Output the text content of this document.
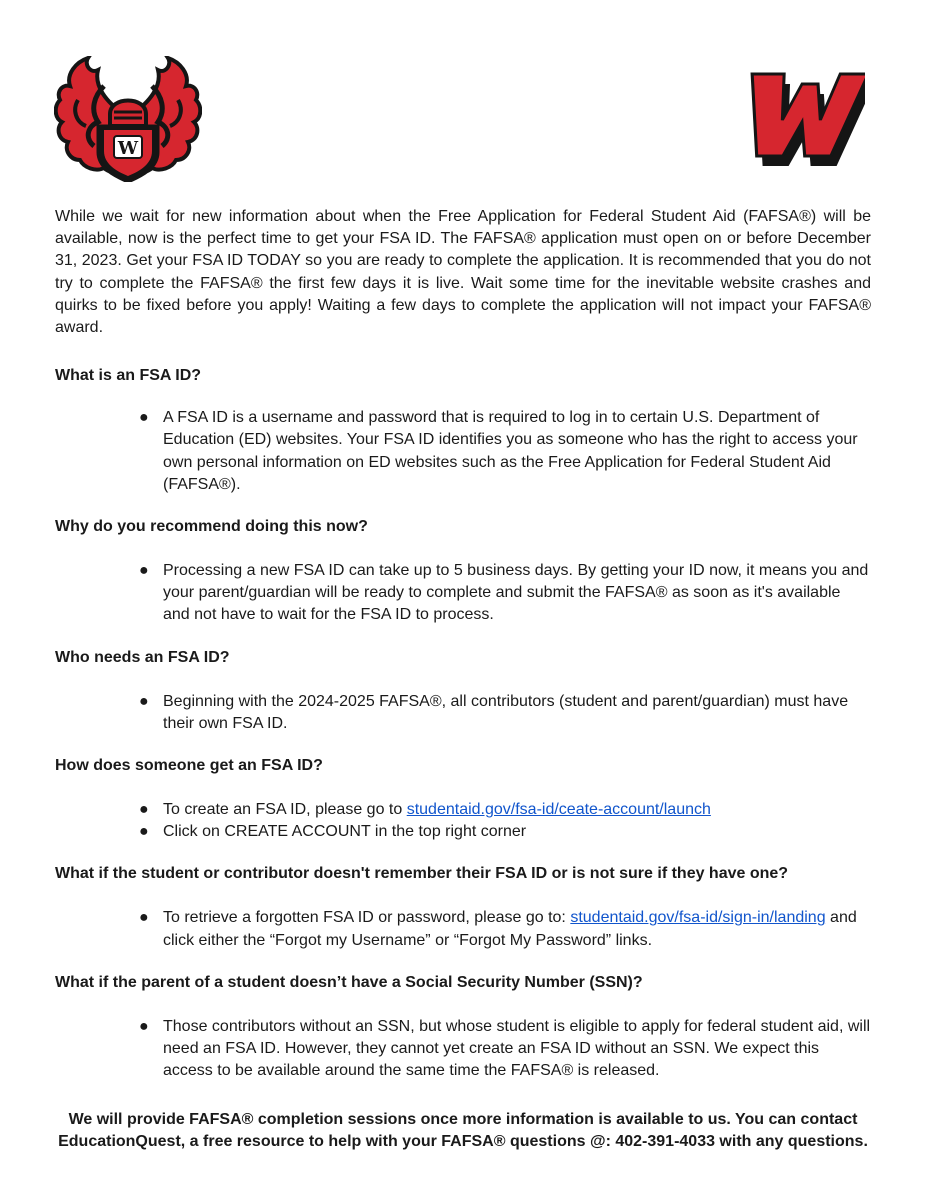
W
W

While we wait for new information about when the Free Application for Federal Student Aid (FAFSA®) will be available, now is the perfect time to get your FSA ID. The FAFSA® application must open on or before December 31, 2023. Get your FSA ID TODAY so you are ready to complete the application. It is recommended that you do not try to complete the FAFSA® the first few days it is live. Wait some time for the inevitable website crashes and quirks to be fixed before you apply! Waiting a few days to complete the application will not impact your FAFSA® award.

What is an FSA ID?

● A FSA ID is a username and password that is required to log in to certain U.S. Department of Education (ED) websites. Your FSA ID identifies you as someone who has the right to access your own personal information on ED websites such as the Free Application for Federal Student Aid (FAFSA®).

Why do you recommend doing this now?

● Processing a new FSA ID can take up to 5 business days. By getting your ID now, it means you and your parent/guardian will be ready to complete and submit the FAFSA® as soon as it's available and not have to wait for the FSA ID to process.

Who needs an FSA ID?

● Beginning with the 2024-2025 FAFSA®, all contributors (student and parent/guardian) must have their own FSA ID.

How does someone get an FSA ID?

● To create an FSA ID, please go to studentaid.gov/fsa-id/ceate-account/launch
● Click on CREATE ACCOUNT in the top right corner

What if the student or contributor doesn't remember their FSA ID or is not sure if they have one?

● To retrieve a forgotten FSA ID or password, please go to: studentaid.gov/fsa-id/sign-in/landing and click either the “Forgot my Username” or “Forgot My Password” links.

What if the parent of a student doesn’t have a Social Security Number (SSN)?

● Those contributors without an SSN, but whose student is eligible to apply for federal student aid, will need an FSA ID. However, they cannot yet create an FSA ID without an SSN. We expect this access to be available around the same time the FAFSA® is released.

We will provide FAFSA® completion sessions once more information is available to us. You can contact EducationQuest, a free resource to help with your FAFSA® questions @: 402-391-4033 with any questions.
